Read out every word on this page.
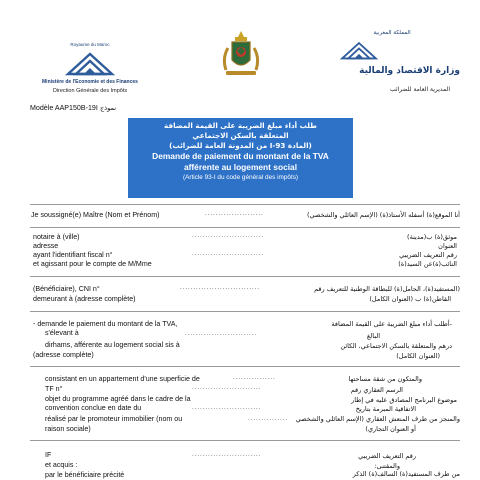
Royaume du Maroc
Ministère de l'Economie et des Finances
Direction Générale des Impôts
المملكة المغربية
وزارة الاقتصاد والمالية
المديرية العامة للضرائب
Modèle AAP150B-19I نموذج
طلب أداء مبلغ الضريبة على القيمة المضافة
المتعلقة بالسكن الاجتماعي
(المادة 93-I من المدونة العامة للضرائب)
Demande de paiement du montant de la TVA
afférente au logement social
(Article 93-I du code général des impôts)
Je soussigné(e) Maître (Nom et Prénom)	......................	أنا الموقع(ة) أسفله الأستاذ(ة) (الإسم العائلي والشخصي)
notaire à (ville)	...........................	موثق(ة) ب(مدينة)
adresse	العنوان
ayant l'identifiant fiscal n°	...........................	رقم التعريف الضريبي
et agissant pour le compte de M/Mme	النائب(ة)عن السيد(ة)
(Bénéficiaire), CNI n°	..............................	(المستفيد(ة)، الحامل(ة) للبطاقة الوطنية للتعريف رقم
demeurant à (adresse complète)	القاطن(ة) ب (العنوان الكامل)
- demande le paiement du montant de la TVA,	-أطلب أداء مبلغ الضريبة على القيمة المضافة
s'élevant à	...........................	البالغ
dirhams, afférente au logement social sis à	درهم والمتعلقة بالسكن الاجتماعي، الكائن
(adresse complète)	(العنوان الكامل)
consistant en un appartement d'une superficie de	................	والمتكون من شقة مساحتها
TF n°	..........................	الرسم العقاري رقم
objet du programme agréé dans le cadre de la	موضوع البرنامج المصادق عليه في إطار
convention conclue en date du	..........................	الاتفاقية المبرمة بتاريخ
réalisé par le promoteur immobilier (nom ou	............... والمنجز من طرف المنعش العقاري (الإسم العائلي والشخصي
raison sociale)	أو العنوان التجاري)
IF	..........................	رقم التعريف الضريبي
et acquis :	والمقتنى:
par le bénéficiaire précité	من طرف المستفيد(ة) السالف(ة) الذكر
